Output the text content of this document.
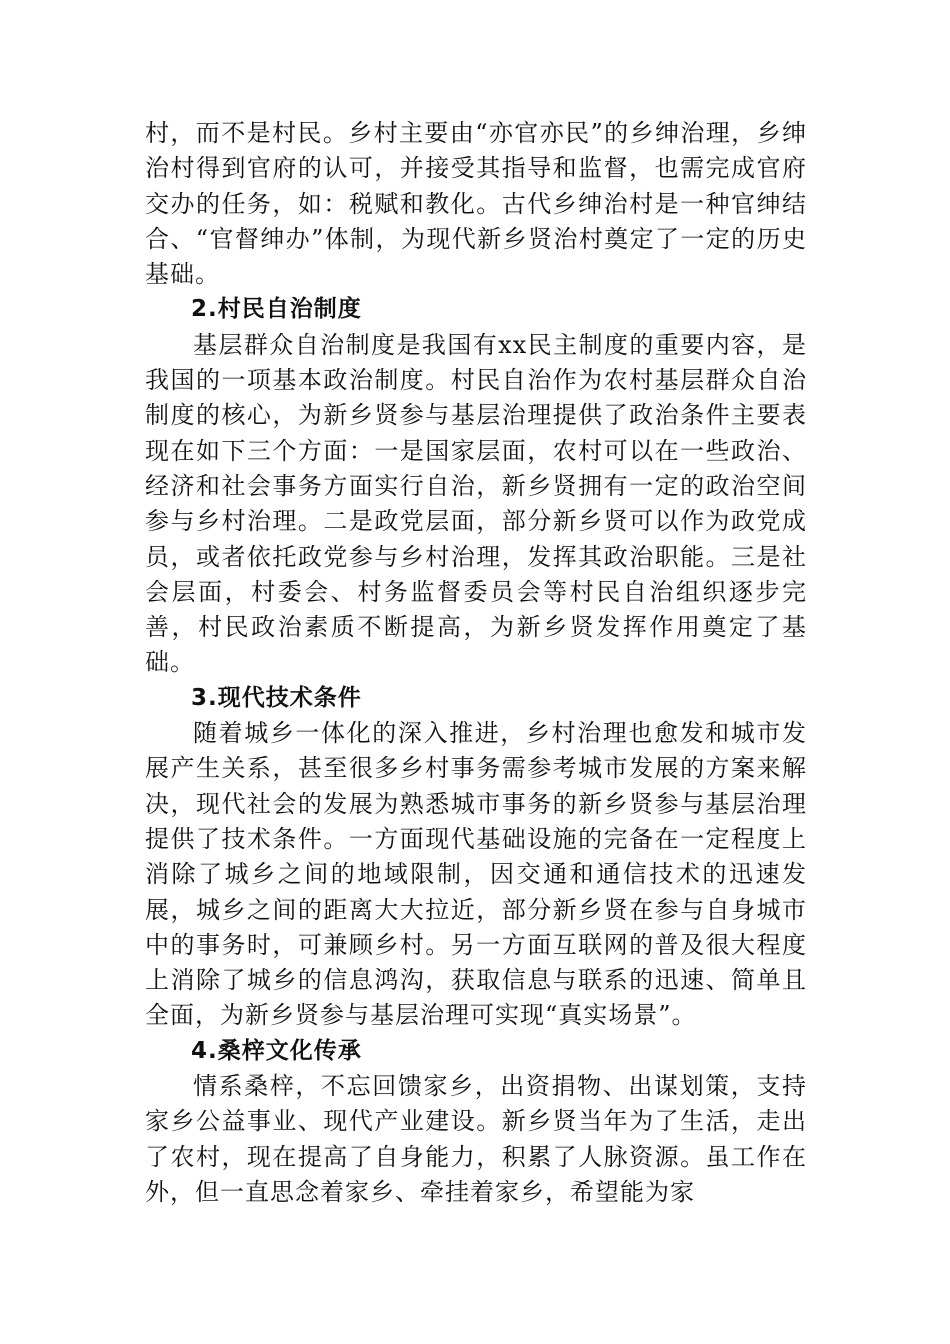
村，而不是村民。乡村主要由“亦官亦民”的乡绅治理，乡绅治村得到官府的认可，并接受其指导和监督，也需完成官府交办的任务，如：税赋和教化。古代乡绅治村是一种官绅结合、“官督绅办”体制，为现代新乡贤治村奠定了一定的历史基础。

2.村民自治制度

基层群众自治制度是我国有xx民主制度的重要内容，是我国的一项基本政治制度。村民自治作为农村基层群众自治制度的核心，为新乡贤参与基层治理提供了政治条件主要表现在如下三个方面：一是国家层面，农村可以在一些政治、经济和社会事务方面实行自治，新乡贤拥有一定的政治空间参与乡村治理。二是政党层面，部分新乡贤可以作为政党成员，或者依托政党参与乡村治理，发挥其政治职能。三是社会层面，村委会、村务监督委员会等村民自治组织逐步完善，村民政治素质不断提高，为新乡贤发挥作用奠定了基础。

3.现代技术条件

随着城乡一体化的深入推进，乡村治理也愈发和城市发展产生关系，甚至很多乡村事务需参考城市发展的方案来解决，现代社会的发展为熟悉城市事务的新乡贤参与基层治理提供了技术条件。一方面现代基础设施的完备在一定程度上消除了城乡之间的地域限制，因交通和通信技术的迅速发展，城乡之间的距离大大拉近，部分新乡贤在参与自身城市中的事务时，可兼顾乡村。另一方面互联网的普及很大程度上消除了城乡的信息鸿沟，获取信息与联系的迅速、简单且全面，为新乡贤参与基层治理可实现“真实场景”。

4.桑梓文化传承

情系桑梓，不忘回馈家乡，出资捐物、出谋划策，支持家乡公益事业、现代产业建设。新乡贤当年为了生活，走出了农村，现在提高了自身能力，积累了人脉资源。虽工作在外，但一直思念着家乡、牵挂着家乡，希望能为家
